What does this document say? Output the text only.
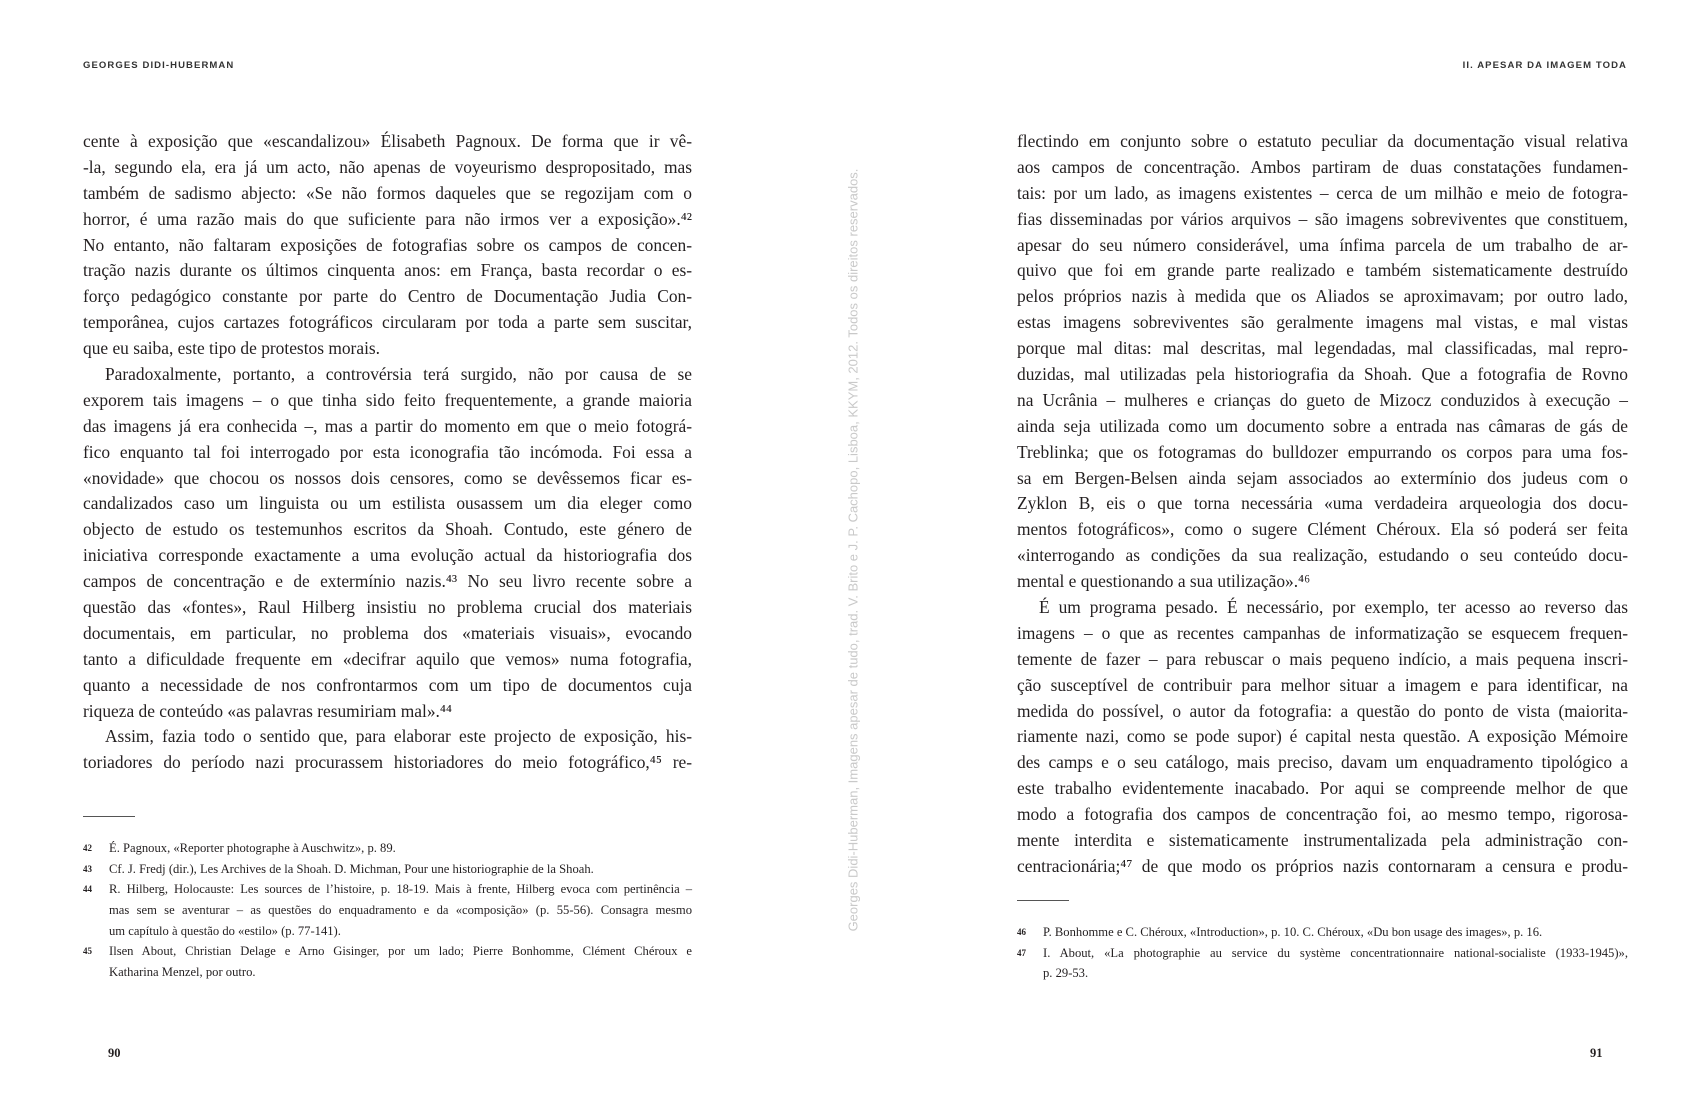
GEORGES DIDI-HUBERMAN	II. APESAR DA IMAGEM TODA
cente à exposição que «escandalizou» Élisabeth Pagnoux. De forma que ir vê-
-la, segundo ela, era já um acto, não apenas de voyeurismo despropositado, mas
também de sadismo abjecto: «Se não formos daqueles que se regozijam com o
horror, é uma razão mais do que suficiente para não irmos ver a exposição».⁴²
No entanto, não faltaram exposições de fotografias sobre os campos de concen-
tração nazis durante os últimos cinquenta anos: em França, basta recordar o es-
forço pedagógico constante por parte do Centro de Documentação Judia Con-
temporânea, cujos cartazes fotográficos circularam por toda a parte sem suscitar,
que eu saiba, este tipo de protestos morais.
Paradoxalmente, portanto, a controvérsia terá surgido, não por causa de se
exporem tais imagens – o que tinha sido feito frequentemente, a grande maioria
das imagens já era conhecida –, mas a partir do momento em que o meio fotográ-
fico enquanto tal foi interrogado por esta iconografia tão incómoda. Foi essa a
«novidade» que chocou os nossos dois censores, como se devêssemos ficar es-
candalizados caso um linguista ou um estilista ousassem um dia eleger como
objecto de estudo os testemunhos escritos da Shoah. Contudo, este género de
iniciativa corresponde exactamente a uma evolução actual da historiografia dos
campos de concentração e de extermínio nazis.⁴³ No seu livro recente sobre a
questão das «fontes», Raul Hilberg insistiu no problema crucial dos materiais
documentais, em particular, no problema dos «materiais visuais», evocando
tanto a dificuldade frequente em «decifrar aquilo que vemos» numa fotografia,
quanto a necessidade de nos confrontarmos com um tipo de documentos cuja
riqueza de conteúdo «as palavras resumiriam mal».⁴⁴
Assim, fazia todo o sentido que, para elaborar este projecto de exposição, his-
toriadores do período nazi procurassem historiadores do meio fotográfico,⁴⁵ re-
flectindo em conjunto sobre o estatuto peculiar da documentação visual relativa
aos campos de concentração. Ambos partiram de duas constatações fundamen-
tais: por um lado, as imagens existentes – cerca de um milhão e meio de fotogra-
fias disseminadas por vários arquivos – são imagens sobreviventes que constituem,
apesar do seu número considerável, uma ínfima parcela de um trabalho de ar-
quivo que foi em grande parte realizado e também sistematicamente destruído
pelos próprios nazis à medida que os Aliados se aproximavam; por outro lado,
estas imagens sobreviventes são geralmente imagens mal vistas, e mal vistas
porque mal ditas: mal descritas, mal legendadas, mal classificadas, mal repro-
duzidas, mal utilizadas pela historiografia da Shoah. Que a fotografia de Rovno
na Ucrânia – mulheres e crianças do gueto de Mizocz conduzidos à execução –
ainda seja utilizada como um documento sobre a entrada nas câmaras de gás de
Treblinka; que os fotogramas do bulldozer empurrando os corpos para uma fos-
sa em Bergen-Belsen ainda sejam associados ao extermínio dos judeus com o
Zyklon B, eis o que torna necessária «uma verdadeira arqueologia dos docu-
mentos fotográficos», como o sugere Clément Chéroux. Ela só poderá ser feita
«interrogando as condições da sua realização, estudando o seu conteúdo docu-
mental e questionando a sua utilização».⁴⁶
É um programa pesado. É necessário, por exemplo, ter acesso ao reverso das
imagens – o que as recentes campanhas de informatização se esquecem frequen-
temente de fazer – para rebuscar o mais pequeno indício, a mais pequena inscri-
ção susceptível de contribuir para melhor situar a imagem e para identificar, na
medida do possível, o autor da fotografia: a questão do ponto de vista (maiorita-
riamente nazi, como se pode supor) é capital nesta questão. A exposição Mémoire
des camps e o seu catálogo, mais preciso, davam um enquadramento tipológico a
este trabalho evidentemente inacabado. Por aqui se compreende melhor de que
modo a fotografia dos campos de concentração foi, ao mesmo tempo, rigorosa-
mente interdita e sistematicamente instrumentalizada pela administração con-
centracionária;⁴⁷ de que modo os próprios nazis contornaram a censura e produ-
42 É. Pagnoux, «Reporter photographe à Auschwitz», p. 89.
43 Cf. J. Fredj (dir.), Les Archives de la Shoah. D. Michman, Pour une historiographie de la Shoah.
44 R. Hilberg, Holocauste: Les sources de l’histoire, p. 18-19. Mais à frente, Hilberg evoca com pertinência –
mas sem se aventurar – as questões do enquadramento e da «composição» (p. 55-56). Consagra mesmo
um capítulo à questão do «estilo» (p. 77-141).
45 Ilsen About, Christian Delage e Arno Gisinger, por um lado; Pierre Bonhomme, Clément Chéroux e
Katharina Menzel, por outro.
46 P. Bonhomme e C. Chéroux, «Introduction», p. 10. C. Chéroux, «Du bon usage des images», p. 16.
47 I. About, «La photographie au service du système concentrationnaire national-socialiste (1933-1945)»,
p. 29-53.
Georges Didi-Huberman, Imagens apesar de tudo, trad. V. Brito e J. P. Cachopo, Lisboa, KKYM, 2012. Todos os direitos reservados.
90	91
